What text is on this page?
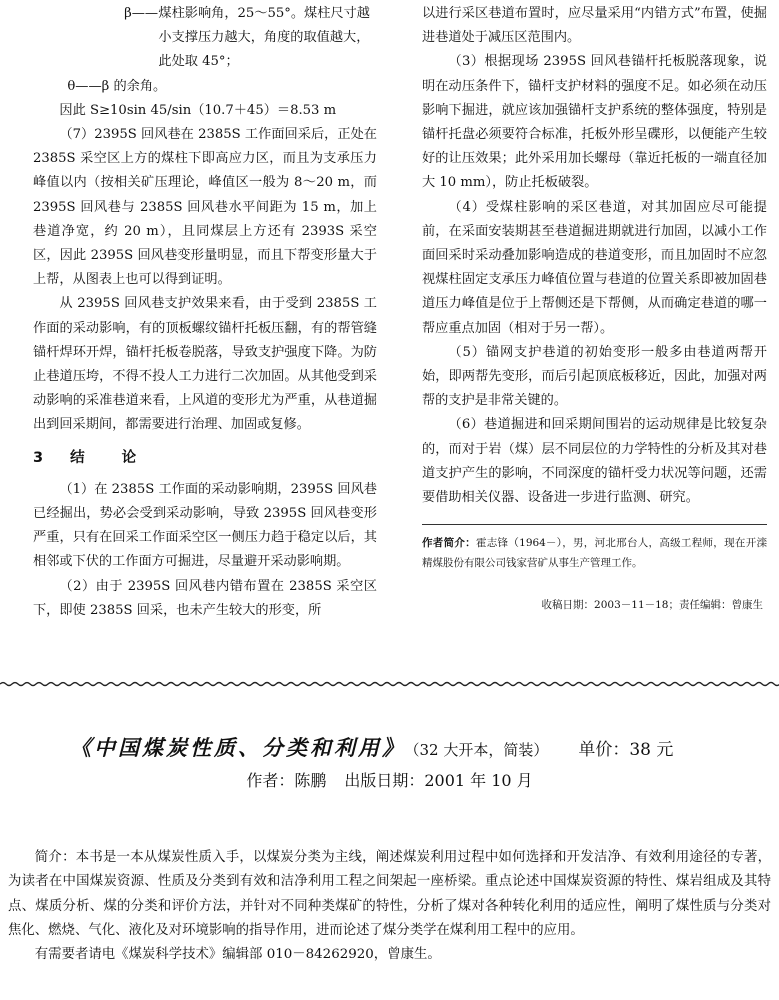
β——煤柱影响角，25～55°。煤柱尺寸越小支撑压力越大，角度的取值越大，此处取 45°；

θ——β 的余角。

因此 S≥10sin 45/sin（10.7＋45）＝8.53 m

（7）2395S 回风巷在 2385S 工作面回采后，正处在 2385S 采空区上方的煤柱下即高应力区，而且为支承压力峰值以内（按相关矿压理论，峰值区一般为 8～20 m，而 2395S 回风巷与 2385S 回风巷水平间距为 15 m，加上巷道净宽，约 20 m），且同煤层上方还有 2393S 采空区，因此 2395S 回风巷变形量明显，而且下帮变形量大于上帮，从图表上也可以得到证明。

从 2395S 回风巷支护效果来看，由于受到 2385S 工作面的采动影响，有的顶板螺纹锚杆托板压翻，有的帮管缝锚杆焊环开焊，锚杆托板卷脱落，导致支护强度下降。为防止巷道压垮，不得不投人工力进行二次加固。从其他受到采动影响的采准巷道来看，上风道的变形尤为严重，从巷道掘出到回采期间，都需要进行治理、加固或复修。

3 结 论

（1）在 2385S 工作面的采动影响期，2395S 回风巷已经掘出，势必会受到采动影响，导致 2395S 回风巷变形严重，只有在回采工作面采空区一侧压力趋于稳定以后，其相邻或下伏的工作面方可掘进，尽量避开采动影响期。

（2）由于 2395S 回风巷内错布置在 2385S 采空区下，即使 2385S 回采，也未产生较大的形变，所

以进行采区巷道布置时，应尽量采用“内错方式”布置，使掘进巷道处于减压区范围内。

（3）根据现场 2395S 回风巷锚杆托板脱落现象，说明在动压条件下，锚杆支护材料的强度不足。如必须在动压影响下掘进，就应该加强锚杆支护系统的整体强度，特别是锚杆托盘必须要符合标准，托板外形呈碟形，以便能产生较好的让压效果；此外采用加长螺母（靠近托板的一端直径加大 10 mm），防止托板破裂。

（4）受煤柱影响的采区巷道，对其加固应尽可能提前，在采面安装期甚至巷道掘进期就进行加固，以减小工作面回采时采动叠加影响造成的巷道变形，而且加固时不应忽视煤柱固定支承压力峰值位置与巷道的位置关系即被加固巷道压力峰值是位于上帮侧还是下帮侧，从而确定巷道的哪一帮应重点加固（相对于另一帮）。

（5）锚网支护巷道的初始变形一般多由巷道两帮开始，即两帮先变形，而后引起顶底板移近，因此，加强对两帮的支护是非常关键的。

（6）巷道掘进和回采期间围岩的运动规律是比较复杂的，而对于岩（煤）层不同层位的力学特性的分析及其对巷道支护产生的影响，不同深度的锚杆受力状况等问题，还需要借助相关仪器、设备进一步进行监测、研究。

作者简介：霍志锋（1964－），男，河北邢台人，高级工程师，现在开滦精煤股份有限公司钱家营矿从事生产管理工作。

收稿日期：2003－11－18；责任编辑：曾康生

《中国煤炭性质、分类和利用》 （32 大开本，简装） 单价：38 元
作者：陈鹏 出版日期：2001 年 10 月

简介：本书是一本从煤炭性质入手，以煤炭分类为主线，阐述煤炭利用过程中如何选择和开发洁净、有效利用途径的专著，为读者在中国煤炭资源、性质及分类到有效和洁净利用工程之间架起一座桥梁。重点论述中国煤炭资源的特性、煤岩组成及其特点、煤质分析、煤的分类和评价方法，并针对不同种类煤矿的特性，分析了煤对各种转化利用的适应性，阐明了煤性质与分类对焦化、燃烧、气化、液化及对环境影响的指导作用，进而论述了煤分类学在煤利用工程中的应用。

有需要者请电《煤炭科学技术》编辑部 010－84262920，曾康生。
